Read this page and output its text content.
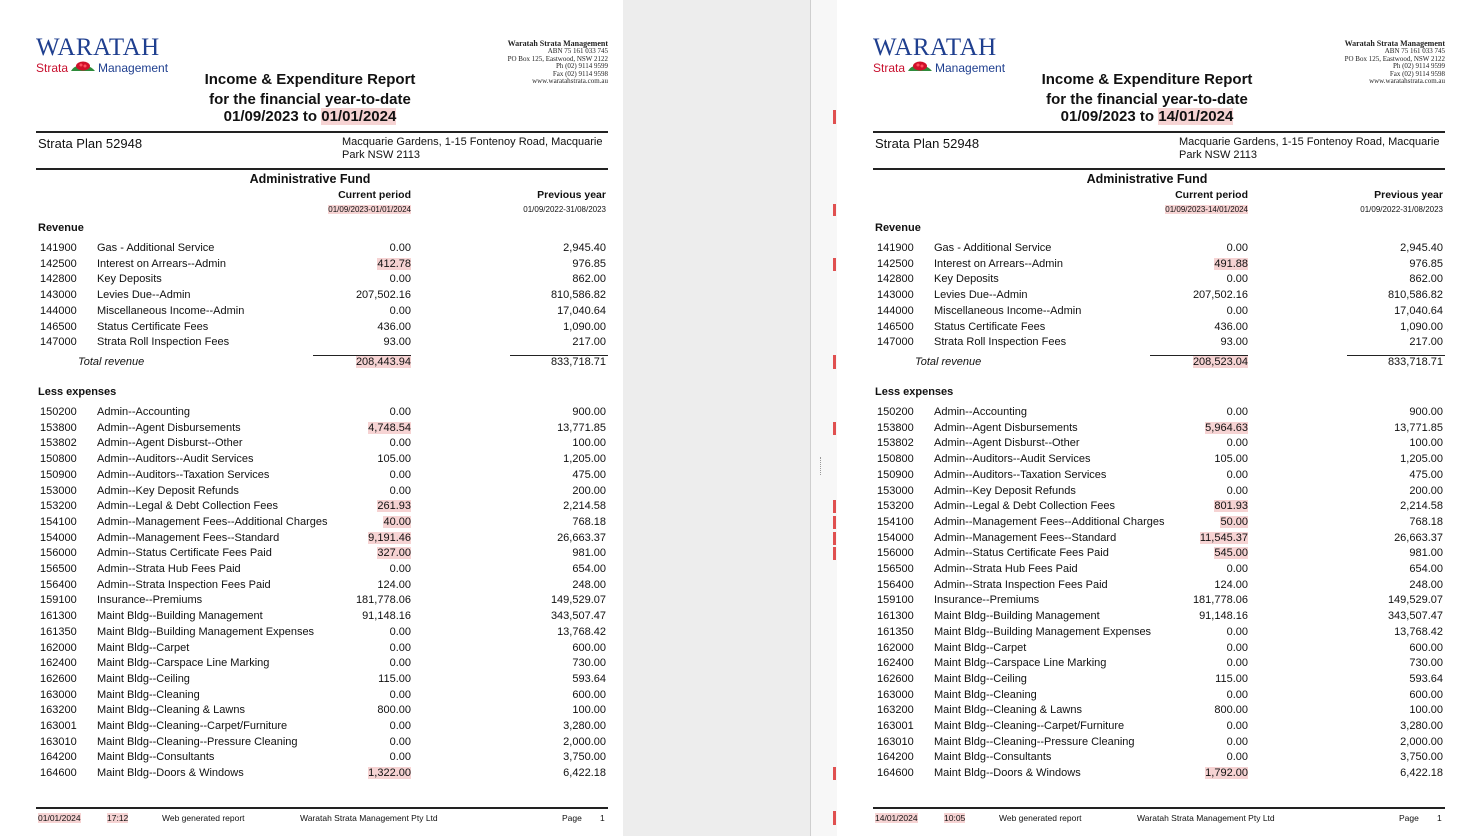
WARATAH
Strata	Management
Waratah Strata Management
ABN 75 161 033 745
PO Box 125, Eastwood, NSW 2122
Ph (02) 9114 9599
Fax (02) 9114 9598
www.waratahstrata.com.au
Income & Expenditure Report
for the financial year-to-date
01/09/2023 to 01/01/2024
Strata Plan 52948	Macquarie Gardens, 1-15 Fontenoy Road, Macquarie Park NSW 2113
Administrative Fund
Current period	Previous year
01/09/2023-01/01/2024	01/09/2022-31/08/2023
Revenue
141900 Gas - Additional Service	0.00	2,945.40
142500 Interest on Arrears--Admin	412.78	976.85
142800 Key Deposits	0.00	862.00
143000 Levies Due--Admin	207,502.16	810,586.82
144000 Miscellaneous Income--Admin	0.00	17,040.64
146500 Status Certificate Fees	436.00	1,090.00
147000 Strata Roll Inspection Fees	93.00	217.00
Total revenue	208,443.94	833,718.71
Less expenses
150200 Admin--Accounting	0.00	900.00
153800 Admin--Agent Disbursements	4,748.54	13,771.85
153802 Admin--Agent Disburst--Other	0.00	100.00
150800 Admin--Auditors--Audit Services	105.00	1,205.00
150900 Admin--Auditors--Taxation Services	0.00	475.00
153000 Admin--Key Deposit Refunds	0.00	200.00
153200 Admin--Legal & Debt Collection Fees	261.93	2,214.58
154100 Admin--Management Fees--Additional Charges	40.00	768.18
154000 Admin--Management Fees--Standard	9,191.46	26,663.37
156000 Admin--Status Certificate Fees Paid	327.00	981.00
156500 Admin--Strata Hub Fees Paid	0.00	654.00
156400 Admin--Strata Inspection Fees Paid	124.00	248.00
159100 Insurance--Premiums	181,778.06	149,529.07
161300 Maint Bldg--Building Management	91,148.16	343,507.47
161350 Maint Bldg--Building Management Expenses	0.00	13,768.42
162000 Maint Bldg--Carpet	0.00	600.00
162400 Maint Bldg--Carspace Line Marking	0.00	730.00
162600 Maint Bldg--Ceiling	115.00	593.64
163000 Maint Bldg--Cleaning	0.00	600.00
163200 Maint Bldg--Cleaning & Lawns	800.00	100.00
163001 Maint Bldg--Cleaning--Carpet/Furniture	0.00	3,280.00
163010 Maint Bldg--Cleaning--Pressure Cleaning	0.00	2,000.00
164200 Maint Bldg--Consultants	0.00	3,750.00
164600 Maint Bldg--Doors & Windows	1,322.00	6,422.18
01/01/2024	17:12	Web generated report	Waratah Strata Management Pty Ltd	Page 1
WARATAH
Strata	Management
Waratah Strata Management
ABN 75 161 033 745
PO Box 125, Eastwood, NSW 2122
Ph (02) 9114 9599
Fax (02) 9114 9598
www.waratahstrata.com.au
Income & Expenditure Report
for the financial year-to-date
01/09/2023 to 14/01/2024
Strata Plan 52948	Macquarie Gardens, 1-15 Fontenoy Road, Macquarie Park NSW 2113
Administrative Fund
Current period	Previous year
01/09/2023-14/01/2024	01/09/2022-31/08/2023
Revenue
141900 Gas - Additional Service	0.00	2,945.40
142500 Interest on Arrears--Admin	491.88	976.85
142800 Key Deposits	0.00	862.00
143000 Levies Due--Admin	207,502.16	810,586.82
144000 Miscellaneous Income--Admin	0.00	17,040.64
146500 Status Certificate Fees	436.00	1,090.00
147000 Strata Roll Inspection Fees	93.00	217.00
Total revenue	208,523.04	833,718.71
Less expenses
150200 Admin--Accounting	0.00	900.00
153800 Admin--Agent Disbursements	5,964.63	13,771.85
153802 Admin--Agent Disburst--Other	0.00	100.00
150800 Admin--Auditors--Audit Services	105.00	1,205.00
150900 Admin--Auditors--Taxation Services	0.00	475.00
153000 Admin--Key Deposit Refunds	0.00	200.00
153200 Admin--Legal & Debt Collection Fees	801.93	2,214.58
154100 Admin--Management Fees--Additional Charges	50.00	768.18
154000 Admin--Management Fees--Standard	11,545.37	26,663.37
156000 Admin--Status Certificate Fees Paid	545.00	981.00
156500 Admin--Strata Hub Fees Paid	0.00	654.00
156400 Admin--Strata Inspection Fees Paid	124.00	248.00
159100 Insurance--Premiums	181,778.06	149,529.07
161300 Maint Bldg--Building Management	91,148.16	343,507.47
161350 Maint Bldg--Building Management Expenses	0.00	13,768.42
162000 Maint Bldg--Carpet	0.00	600.00
162400 Maint Bldg--Carspace Line Marking	0.00	730.00
162600 Maint Bldg--Ceiling	115.00	593.64
163000 Maint Bldg--Cleaning	0.00	600.00
163200 Maint Bldg--Cleaning & Lawns	800.00	100.00
163001 Maint Bldg--Cleaning--Carpet/Furniture	0.00	3,280.00
163010 Maint Bldg--Cleaning--Pressure Cleaning	0.00	2,000.00
164200 Maint Bldg--Consultants	0.00	3,750.00
164600 Maint Bldg--Doors & Windows	1,792.00	6,422.18
14/01/2024	10:05	Web generated report	Waratah Strata Management Pty Ltd	Page 1
